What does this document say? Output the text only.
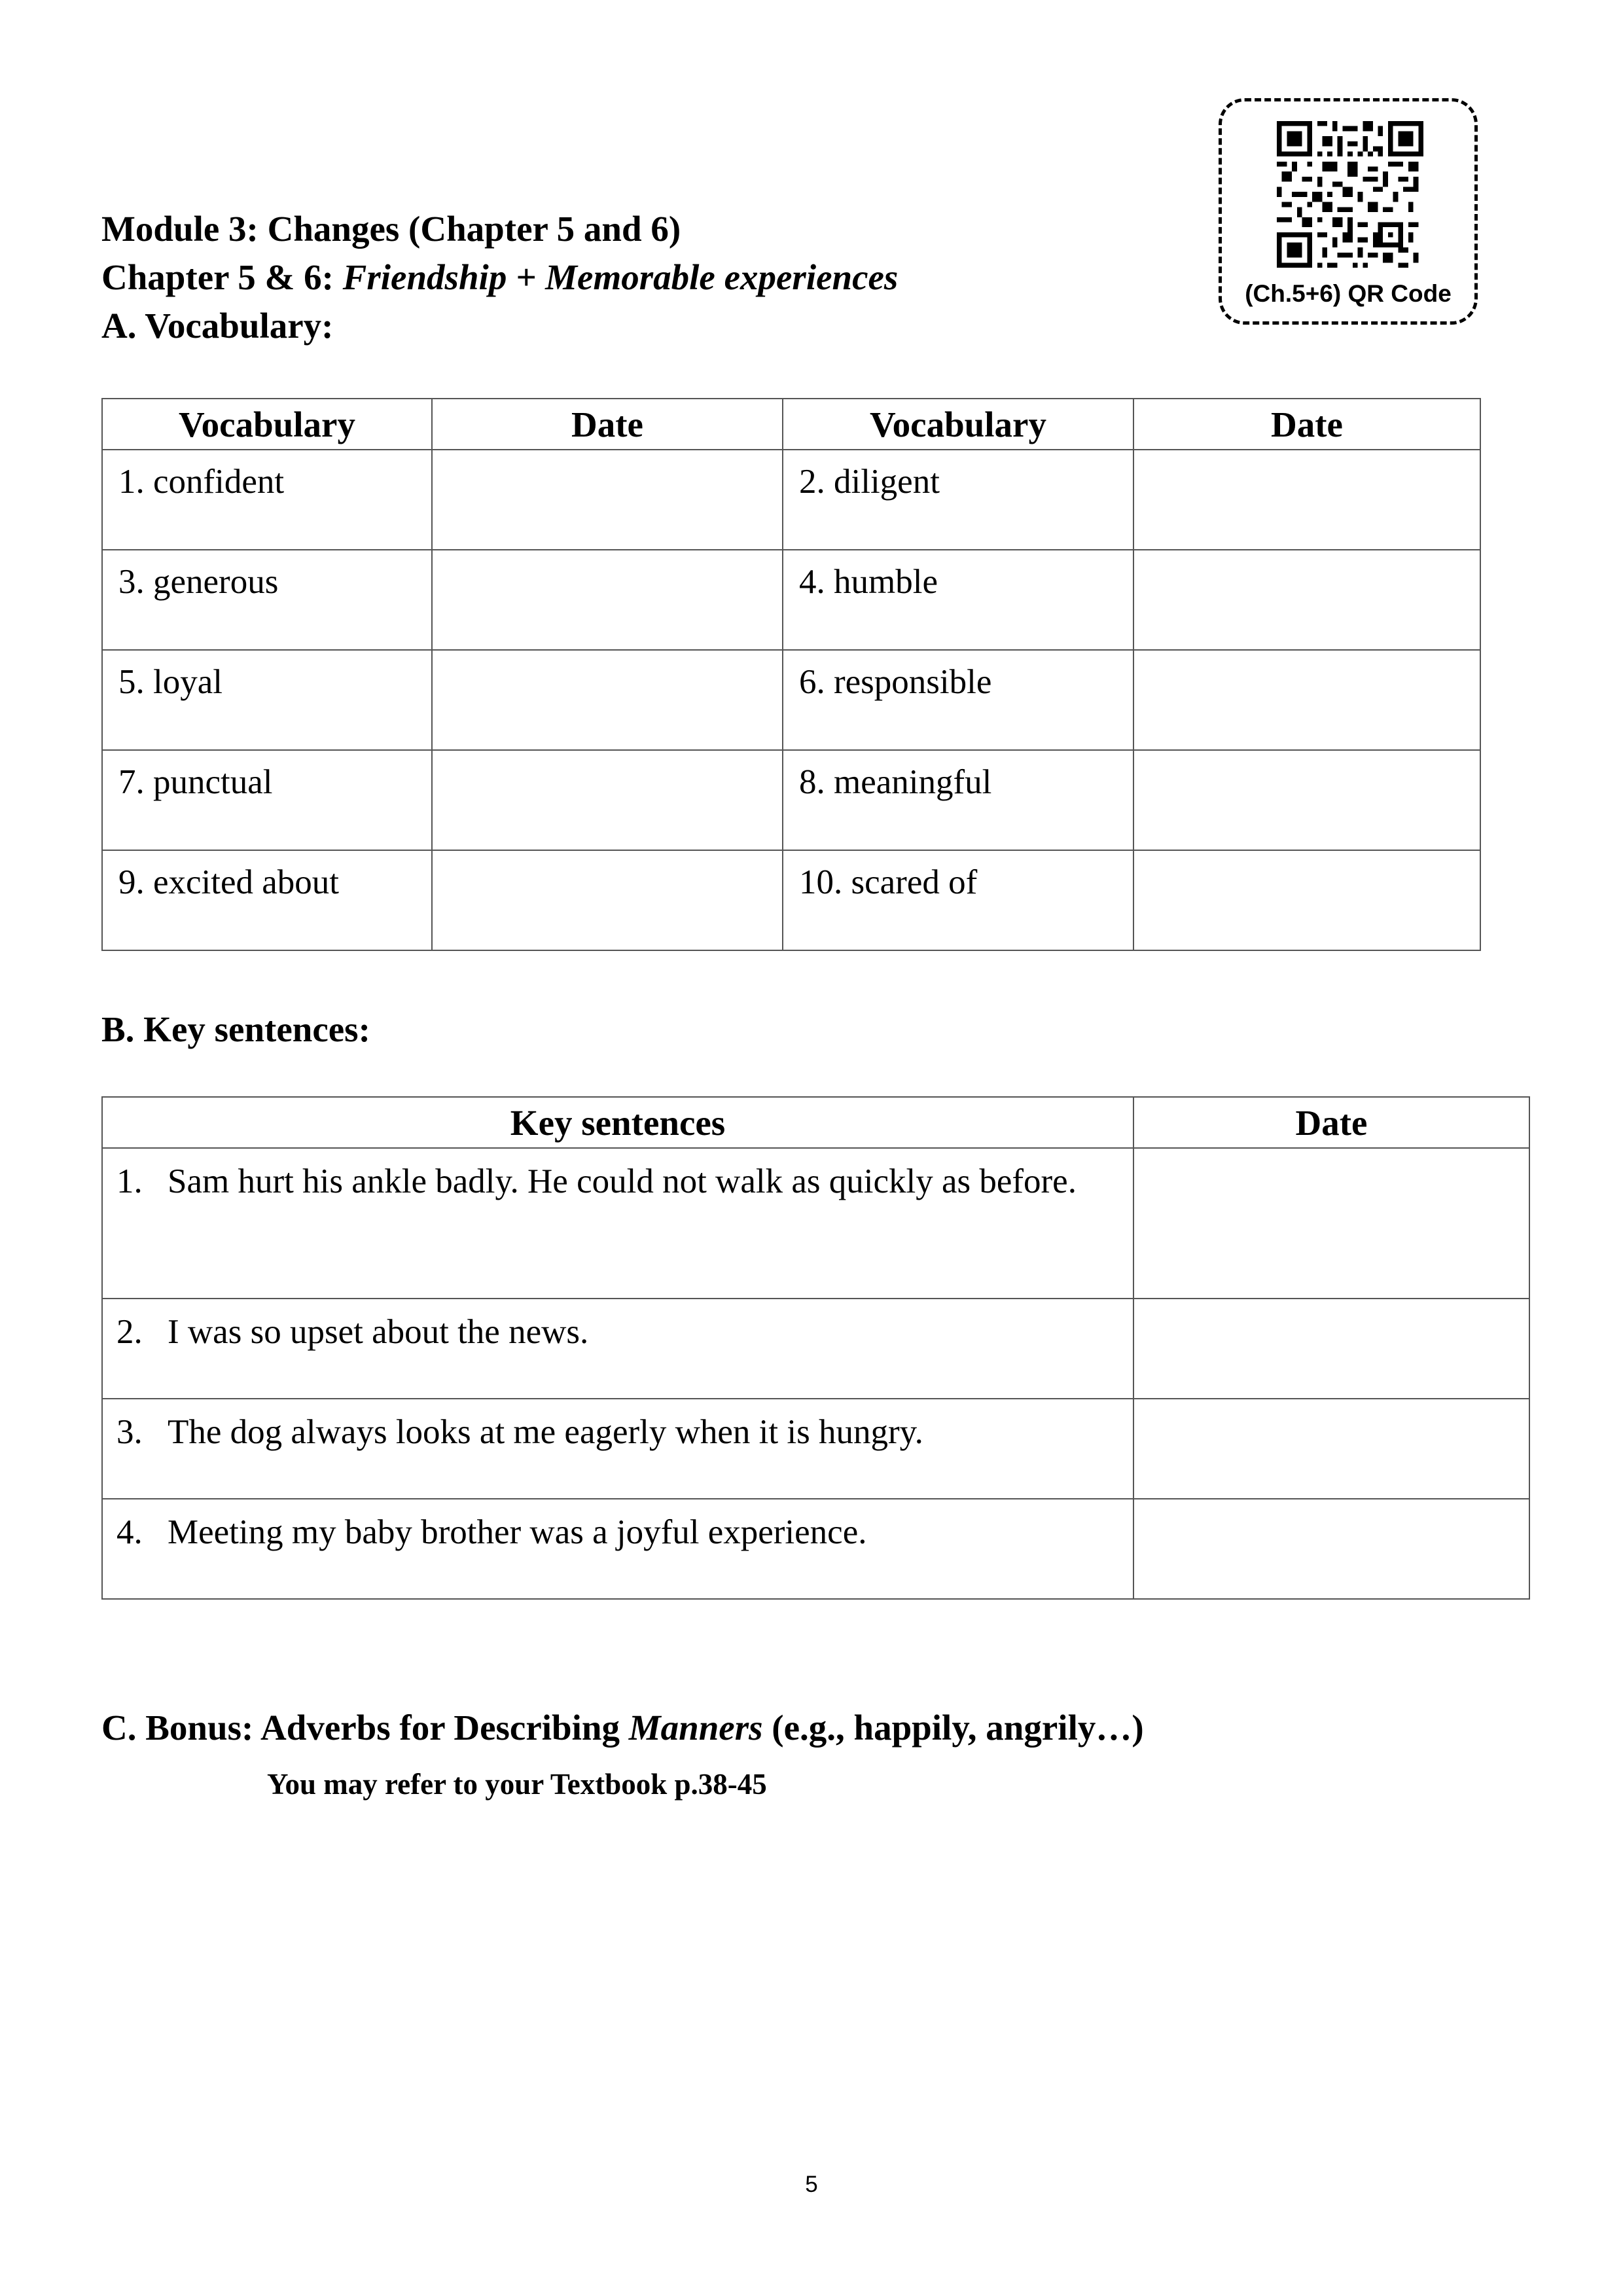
Module 3: Changes (Chapter 5 and 6)
Chapter 5 & 6: Friendship + Memorable experiences
A. Vocabulary:
(Ch.5+6) QR Code
Vocabulary	Date	Vocabulary	Date
1. confident		2. diligent	
3. generous		4. humble	
5. loyal		6. responsible	
7. punctual		8. meaningful	
9. excited about		10. scared of	
B. Key sentences:
Key sentences	Date

1. Sam hurt his ankle badly. He could not walk as quickly as before.	

2. I was so upset about the news.	

3. The dog always looks at me eagerly when it is hungry.	

4. Meeting my baby brother was a joyful experience.	

C. Bonus: Adverbs for Describing Manners (e.g., happily, angrily…)
You may refer to your Textbook p.38-45
5
